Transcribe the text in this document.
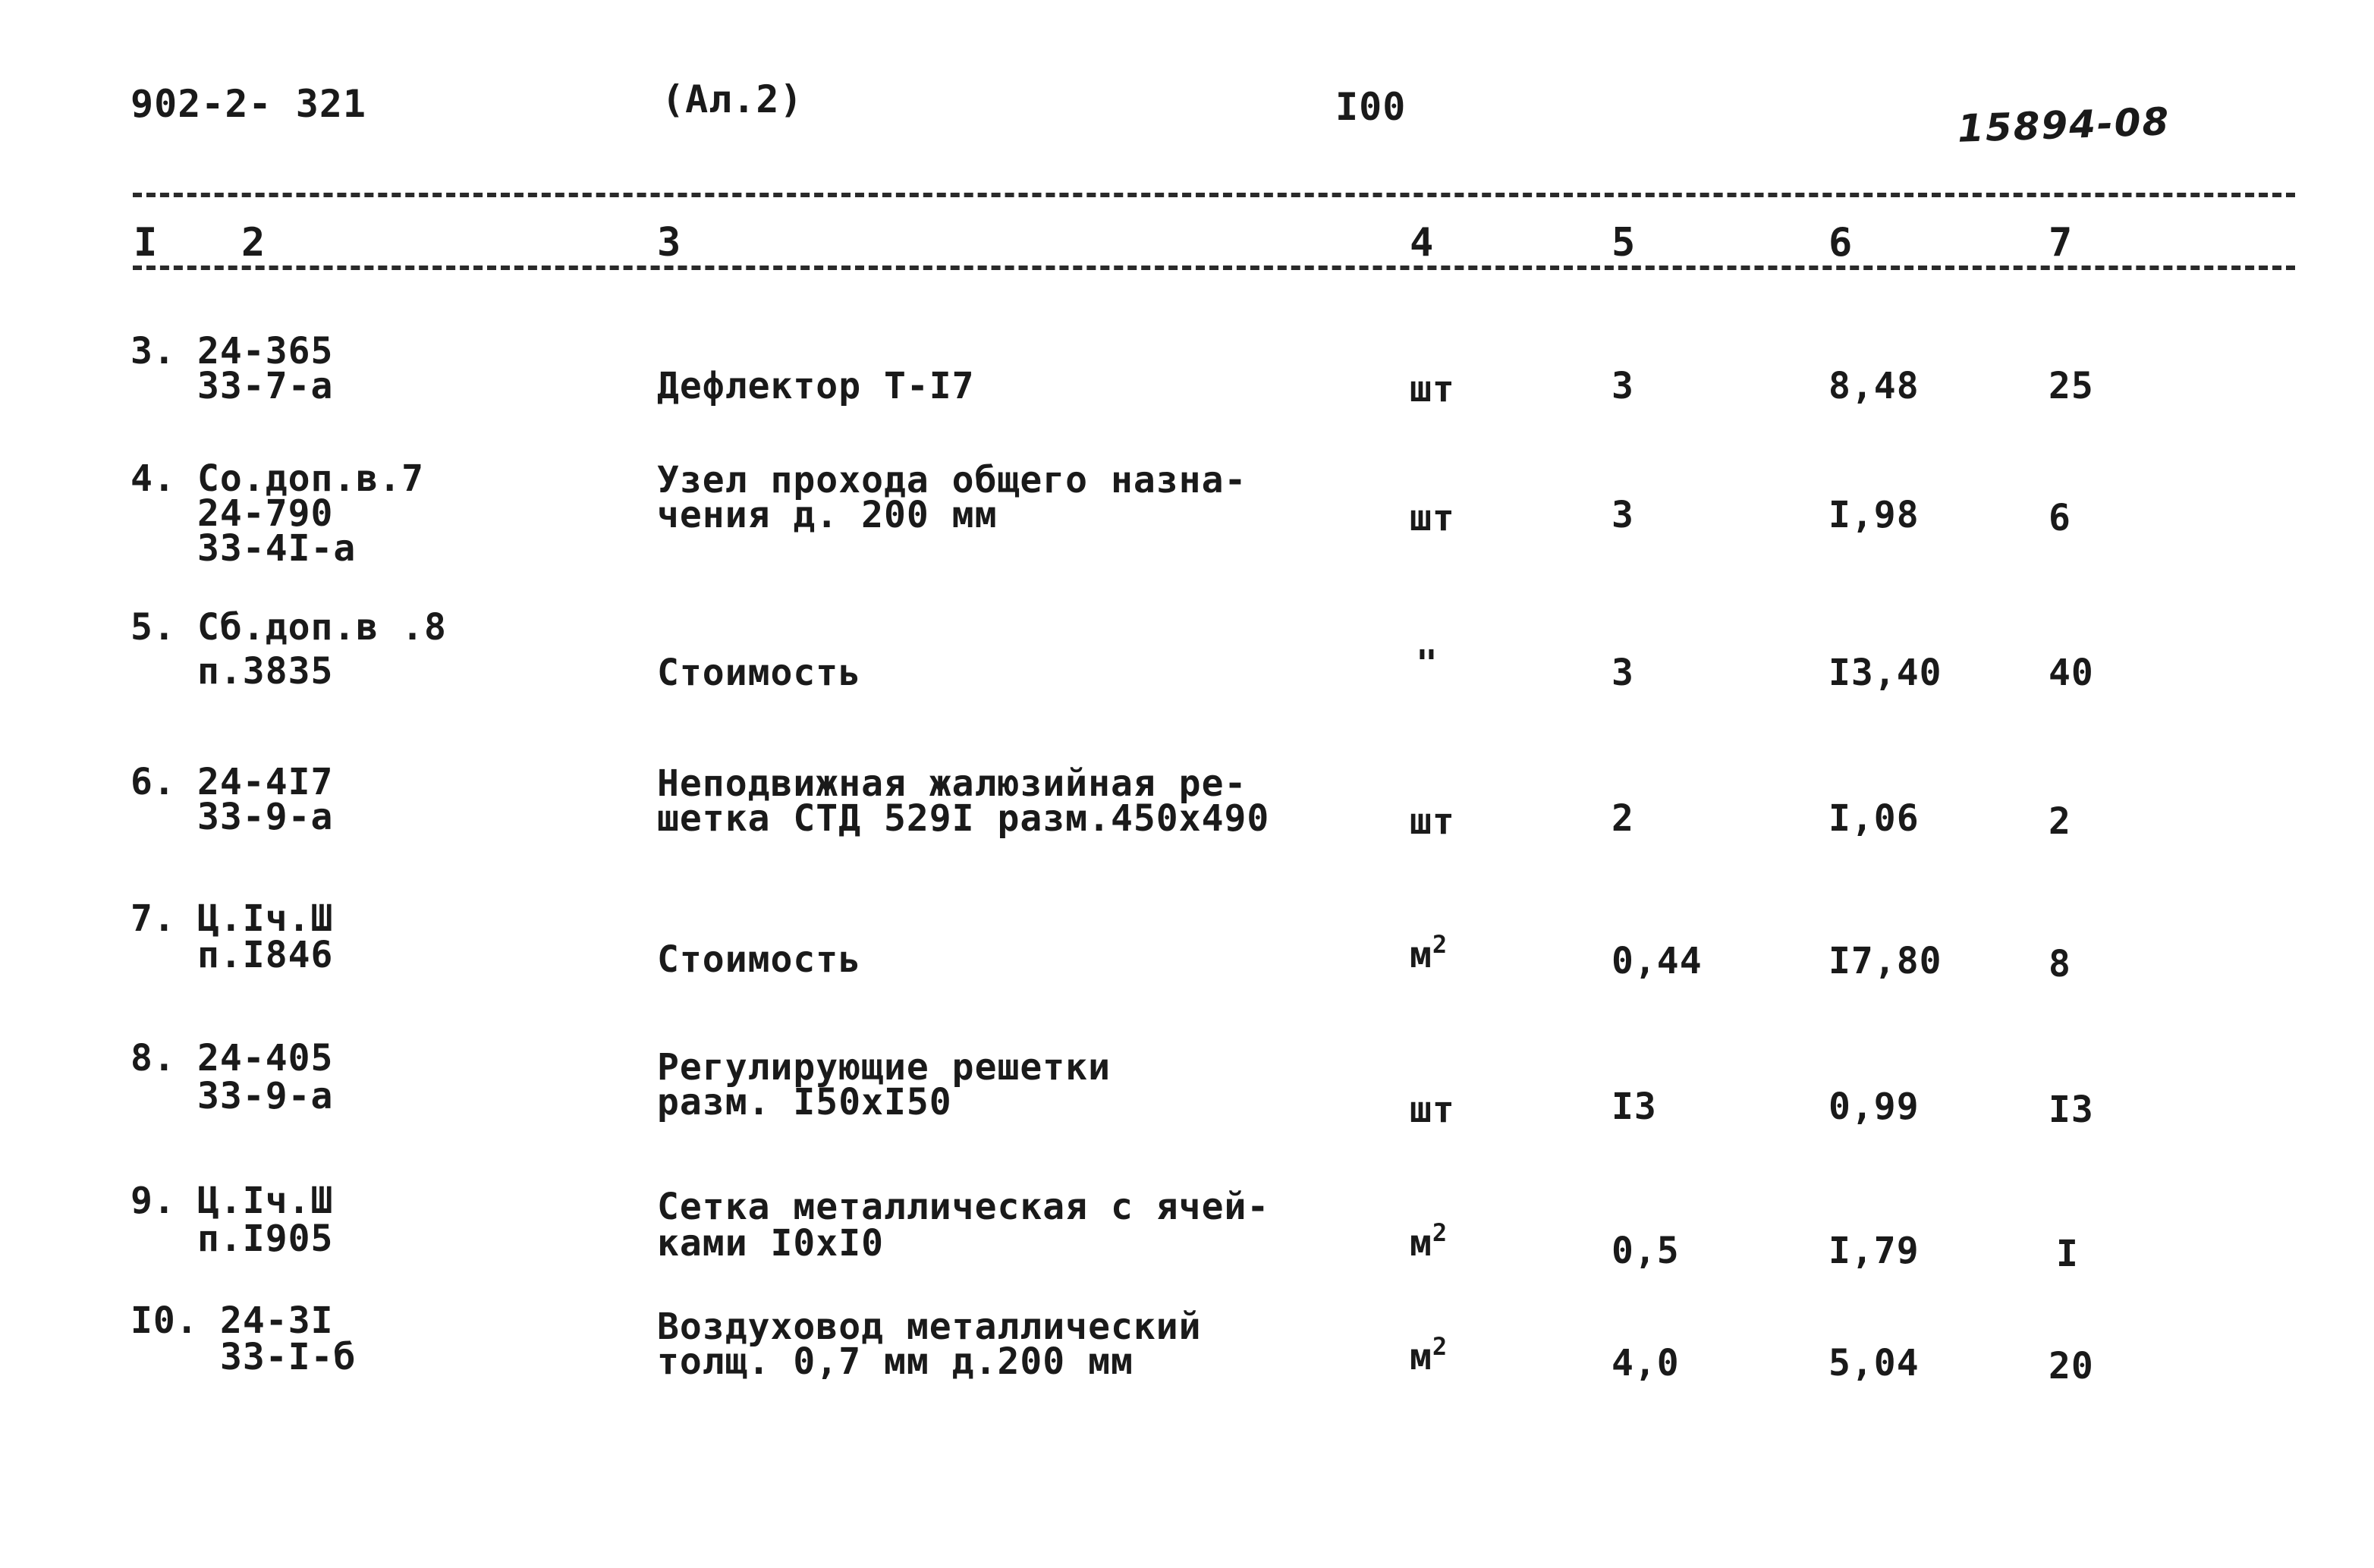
902-2- 321	(Ал.2)	I00	15894-08
I 2	3	4	5	6	7
3. 24-365
33-7-а	Дефлектор Т-I7	шт	3	8,48	25
4. Со.доп.в.7
24-790
33-4I-а
Узел прохода общего назна-
чения д. 200 мм	шт	3	I,98	6
5. Сб.доп.в .8
п.3835	Стоимость	"	3	I3,40	40
6. 24-4I7
33-9-а
Неподвижная жалюзийная ре-
шетка СТД 529I разм.450х490	шт	2	I,06	2
7. Ц.Iч.Ш
п.I846	Стоимость	$м^2$	0,44	I7,80	8
8. 24-405
33-9-а
Регулирующие решетки
разм. I50хI50	шт	I3	0,99	I3
9. Ц.Iч.Ш
п.I905
Сетка металлическая с ячей-
ками I0хI0	$м^2$	0,5	I,79	I
I0. 24-3I
33-I-б
Воздуховод металлический
толщ. 0,7 мм д.200 мм	$м^2$	4,0	5,04	20
